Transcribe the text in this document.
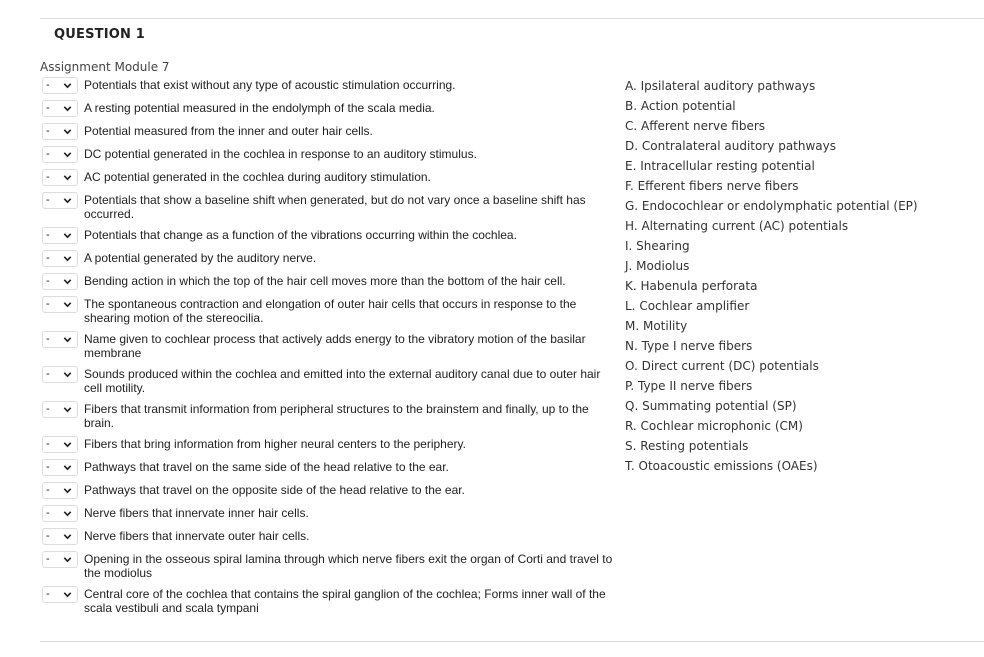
QUESTION 1
Assignment Module 7
-	Potentials that exist without any type of acoustic stimulation occurring.
-	A resting potential measured in the endolymph of the scala media.
-	Potential measured from the inner and outer hair cells.
-	DC potential generated in the cochlea in response to an auditory stimulus.
-	AC potential generated in the cochlea during auditory stimulation.
-	Potentials that show a baseline shift when generated, but do not vary once a baseline shift has occurred.
-	Potentials that change as a function of the vibrations occurring within the cochlea.
-	A potential generated by the auditory nerve.
-	Bending action in which the top of the hair cell moves more than the bottom of the hair cell.
-	The spontaneous contraction and elongation of outer hair cells that occurs in response to the shearing motion of the stereocilia.
-	Name given to cochlear process that actively adds energy to the vibratory motion of the basilar membrane
-	Sounds produced within the cochlea and emitted into the external auditory canal due to outer hair cell motility.
-	Fibers that transmit information from peripheral structures to the brainstem and finally, up to the brain.
-	Fibers that bring information from higher neural centers to the periphery.
-	Pathways that travel on the same side of the head relative to the ear.
-	Pathways that travel on the opposite side of the head relative to the ear.
-	Nerve fibers that innervate inner hair cells.
-	Nerve fibers that innervate outer hair cells.
-	Opening in the osseous spiral lamina through which nerve fibers exit the organ of Corti and travel to the modiolus
-	Central core of the cochlea that contains the spiral ganglion of the cochlea; Forms inner wall of the scala vestibuli and scala tympani
A. Ipsilateral auditory pathways
B. Action potential
C. Afferent nerve fibers
D. Contralateral auditory pathways
E. Intracellular resting potential
F. Efferent fibers nerve fibers
G. Endocochlear or endolymphatic potential (EP)
H. Alternating current (AC) potentials
I. Shearing
J. Modiolus
K. Habenula perforata
L. Cochlear amplifier
M. Motility
N. Type I nerve fibers
O. Direct current (DC) potentials
P. Type II nerve fibers
Q. Summating potential (SP)
R. Cochlear microphonic (CM)
S. Resting potentials
T. Otoacoustic emissions (OAEs)
